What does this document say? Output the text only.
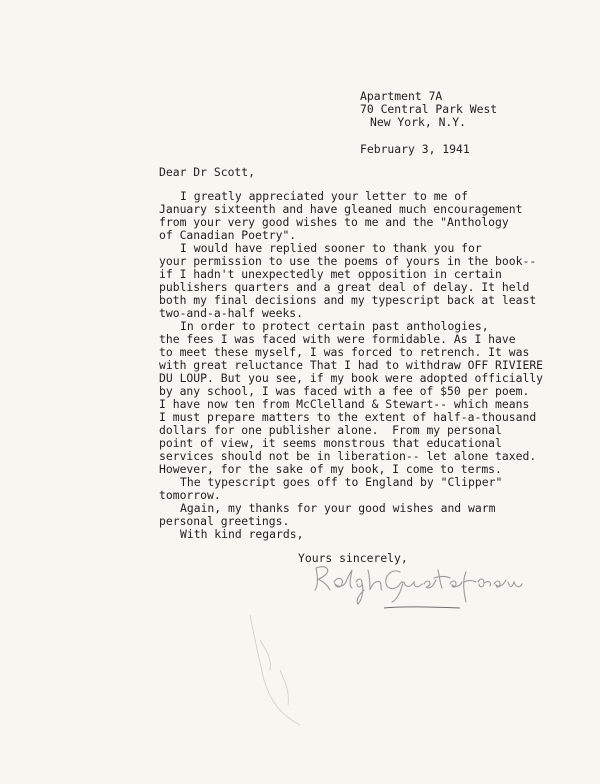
Apartment 7A
70 Central Park West
New York, N.Y.
February 3, 1941
Dear Dr Scott,
I greatly appreciated your letter to me of
January sixteenth and have gleaned much encouragement
from your very good wishes to me and the "Anthology
of Canadian Poetry".
I would have replied sooner to thank you for
your permission to use the poems of yours in the book--
if I hadn't unexpectedly met opposition in certain
publishers quarters and a great deal of delay. It held
both my final decisions and my typescript back at least
two-and-a-half weeks.
In order to protect certain past anthologies,
the fees I was faced with were formidable. As I have
to meet these myself, I was forced to retrench. It was
with great reluctance That I had to withdraw OFF RIVIERE
DU LOUP. But you see, if my book were adopted officially
by any school, I was faced with a fee of $50 per poem.
I have now ten from McClelland & Stewart-- which means
I must prepare matters to the extent of half-a-thousand
dollars for one publisher alone.  From my personal
point of view, it seems monstrous that educational
services should not be in liberation-- let alone taxed.
However, for the sake of my book, I come to terms.
The typescript goes off to England by "Clipper"
tomorrow.
Again, my thanks for your good wishes and warm
personal greetings.
With kind regards,
Yours sincerely,
